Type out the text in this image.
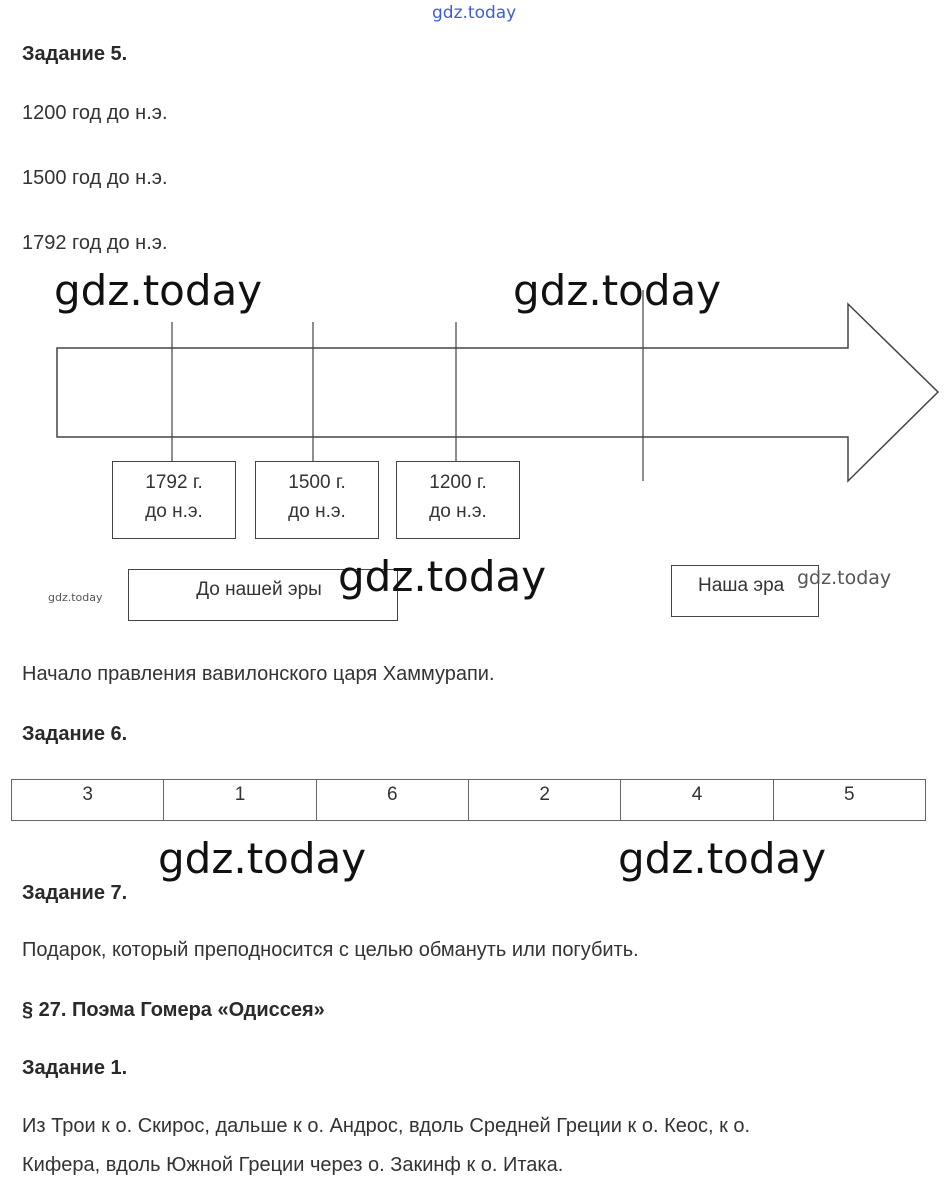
gdz.today
Задание 5.
1200 год до н.э.
1500 год до н.э.
1792 год до н.э.
gdz.today	gdz.today
1792 г.
до н.э.
1500 г.
до н.э.
1200 г.
до н.э.
gdz.today	До нашей эры gdz.today	Наша эра gdz.today
Начало правления вавилонского царя Хаммурапи.
Задание 6.
3	1	6	2	4	5
gdz.today	gdz.today
Задание 7.
Подарок, который преподносится с целью обмануть или погубить.
§ 27. Поэма Гомера «Одиссея»
Задание 1.
Из Трои к о. Скирос, дальше к о. Андрос, вдоль Средней Греции к о. Кеос, к о.
Кифера, вдоль Южной Греции через о. Закинф к о. Итака.
